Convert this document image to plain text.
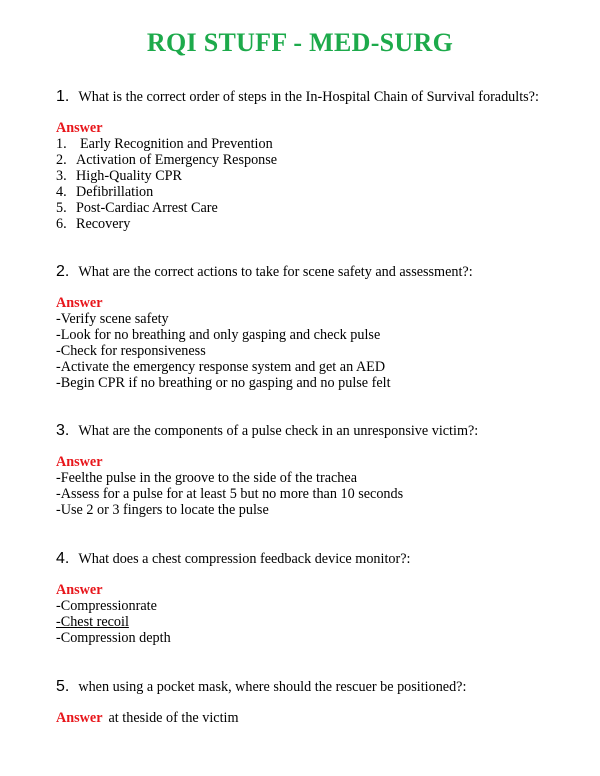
RQI STUFF - MED-SURG
1. What is the correct order of steps in the In-Hospital Chain of Survival foradults?:
Answer
1. Early Recognition and Prevention
2. Activation of Emergency Response
3. High-Quality CPR
4. Defibrillation
5. Post-Cardiac Arrest Care
6. Recovery
2. What are the correct actions to take for scene safety and assessment?:
Answer
-Verify scene safety
-Look for no breathing and only gasping and check pulse
-Check for responsiveness
-Activate the emergency response system and get an AED
-Begin CPR if no breathing or no gasping and no pulse felt
3. What are the components of a pulse check in an unresponsive victim?:
Answer
-Feelthe pulse in the groove to the side of the trachea
-Assess for a pulse for at least 5 but no more than 10 seconds
-Use 2 or 3 fingers to locate the pulse
4. What does a chest compression feedback device monitor?:
Answer
-Compressionrate
-Chest recoil
-Compression depth
5. when using a pocket mask, where should the rescuer be positioned?:
Answer at theside of the victim
